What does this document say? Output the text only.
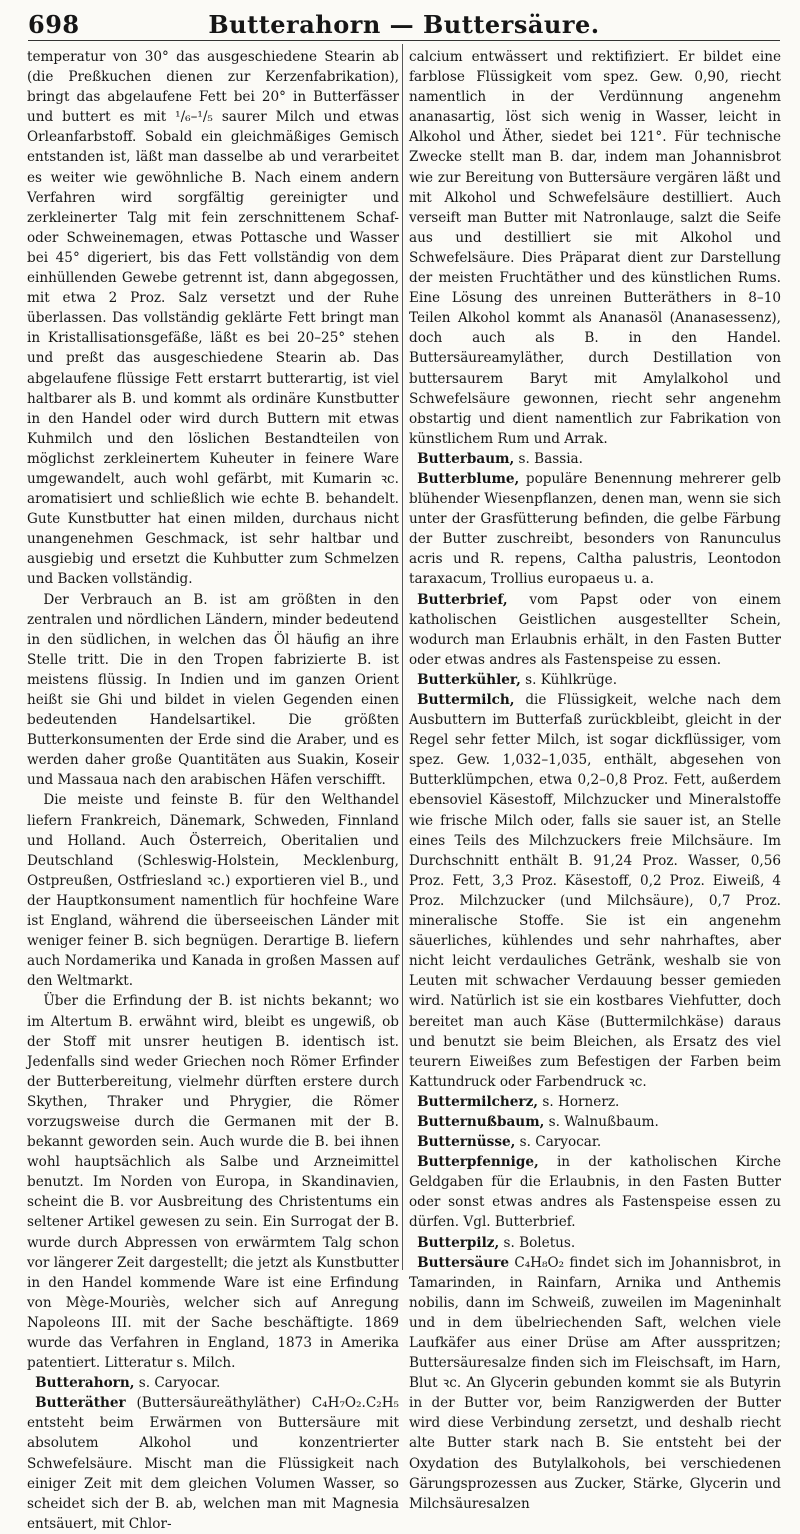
698	Butterahorn — Buttersäure.

temperatur von 30° das ausgeschiedene Stearin ab (die Preßkuchen dienen zur Kerzenfabrikation), bringt das abgelaufene Fett bei 20° in Butterfässer und buttert es mit ¹/₆–¹/₅ saurer Milch und etwas Orleanfarbstoff. Sobald ein gleichmäßiges Gemisch entstanden ist, läßt man dasselbe ab und verarbeitet es weiter wie gewöhnliche B. Nach einem andern Verfahren wird sorgfältig gereinigter und zerkleinerter Talg mit fein zerschnittenem Schaf- oder Schweinemagen, etwas Pottasche und Wasser bei 45° digeriert, bis das Fett vollständig von dem einhüllenden Gewebe getrennt ist, dann abgegossen, mit etwa 2 Proz. Salz versetzt und der Ruhe überlassen. Das vollständig geklärte Fett bringt man in Kristallisationsgefäße, läßt es bei 20–25° stehen und preßt das ausgeschiedene Stearin ab. Das abgelaufene flüssige Fett erstarrt butterartig, ist viel haltbarer als B. und kommt als ordinäre Kunstbutter in den Handel oder wird durch Buttern mit etwas Kuhmilch und den löslichen Bestandteilen von möglichst zerkleinertem Kuheuter in feinere Ware umgewandelt, auch wohl gefärbt, mit Kumarin ꝛc. aromatisiert und schließlich wie echte B. behandelt. Gute Kunstbutter hat einen milden, durchaus nicht unangenehmen Geschmack, ist sehr haltbar und ausgiebig und ersetzt die Kuhbutter zum Schmelzen und Backen vollständig.

Der Verbrauch an B. ist am größten in den zentralen und nördlichen Ländern, minder bedeutend in den südlichen, in welchen das Öl häufig an ihre Stelle tritt. Die in den Tropen fabrizierte B. ist meistens flüssig. In Indien und im ganzen Orient heißt sie Ghi und bildet in vielen Gegenden einen bedeutenden Handelsartikel. Die größten Butterkonsumenten der Erde sind die Araber, und es werden daher große Quantitäten aus Suakin, Koseir und Massaua nach den arabischen Häfen verschifft.

Die meiste und feinste B. für den Welthandel liefern Frankreich, Dänemark, Schweden, Finnland und Holland. Auch Österreich, Oberitalien und Deutschland (Schleswig-Holstein, Mecklenburg, Ostpreußen, Ostfriesland ꝛc.) exportieren viel B., und der Hauptkonsument namentlich für hochfeine Ware ist England, während die überseeischen Länder mit weniger feiner B. sich begnügen. Derartige B. liefern auch Nordamerika und Kanada in großen Massen auf den Weltmarkt.

Über die Erfindung der B. ist nichts bekannt; wo im Altertum B. erwähnt wird, bleibt es ungewiß, ob der Stoff mit unsrer heutigen B. identisch ist. Jedenfalls sind weder Griechen noch Römer Erfinder der Butterbereitung, vielmehr dürften erstere durch Skythen, Thraker und Phrygier, die Römer vorzugsweise durch die Germanen mit der B. bekannt geworden sein. Auch wurde die B. bei ihnen wohl hauptsächlich als Salbe und Arzneimittel benutzt. Im Norden von Europa, in Skandinavien, scheint die B. vor Ausbreitung des Christentums ein seltener Artikel gewesen zu sein. Ein Surrogat der B. wurde durch Abpressen von erwärmtem Talg schon vor längerer Zeit dargestellt; die jetzt als Kunstbutter in den Handel kommende Ware ist eine Erfindung von Mège-Mouriès, welcher sich auf Anregung Napoleons III. mit der Sache beschäftigte. 1869 wurde das Verfahren in England, 1873 in Amerika patentiert. Litteratur s. Milch.

Butterahorn, s. Caryocar.

Butteräther (Buttersäureäthyläther) C₄H₇O₂.C₂H₅ entsteht beim Erwärmen von Buttersäure mit absolutem Alkohol und konzentrierter Schwefelsäure. Mischt man die Flüssigkeit nach einiger Zeit mit dem gleichen Volumen Wasser, so scheidet sich der B. ab, welchen man mit Magnesia entsäuert, mit Chlor-

calcium entwässert und rektifiziert. Er bildet eine farblose Flüssigkeit vom spez. Gew. 0,90, riecht namentlich in der Verdünnung angenehm ananasartig, löst sich wenig in Wasser, leicht in Alkohol und Äther, siedet bei 121°. Für technische Zwecke stellt man B. dar, indem man Johannisbrot wie zur Bereitung von Buttersäure vergären läßt und mit Alkohol und Schwefelsäure destilliert. Auch verseift man Butter mit Natronlauge, salzt die Seife aus und destilliert sie mit Alkohol und Schwefelsäure. Dies Präparat dient zur Darstellung der meisten Fruchtäther und des künstlichen Rums. Eine Lösung des unreinen Butteräthers in 8–10 Teilen Alkohol kommt als Ananasöl (Ananasessenz), doch auch als B. in den Handel. Buttersäureamyläther, durch Destillation von buttersaurem Baryt mit Amylalkohol und Schwefelsäure gewonnen, riecht sehr angenehm obstartig und dient namentlich zur Fabrikation von künstlichem Rum und Arrak.

Butterbaum, s. Bassia.

Butterblume, populäre Benennung mehrerer gelb blühender Wiesenpflanzen, denen man, wenn sie sich unter der Grasfütterung befinden, die gelbe Färbung der Butter zuschreibt, besonders von Ranunculus acris und R. repens, Caltha palustris, Leontodon taraxacum, Trollius europaeus u. a.

Butterbrief, vom Papst oder von einem katholischen Geistlichen ausgestellter Schein, wodurch man Erlaubnis erhält, in den Fasten Butter oder etwas andres als Fastenspeise zu essen.

Butterkühler, s. Kühlkrüge.

Buttermilch, die Flüssigkeit, welche nach dem Ausbuttern im Butterfaß zurückbleibt, gleicht in der Regel sehr fetter Milch, ist sogar dickflüssiger, vom spez. Gew. 1,032–1,035, enthält, abgesehen von Butterklümpchen, etwa 0,2–0,8 Proz. Fett, außerdem ebensoviel Käsestoff, Milchzucker und Mineralstoffe wie frische Milch oder, falls sie sauer ist, an Stelle eines Teils des Milchzuckers freie Milchsäure. Im Durchschnitt enthält B. 91,24 Proz. Wasser, 0,56 Proz. Fett, 3,3 Proz. Käsestoff, 0,2 Proz. Eiweiß, 4 Proz. Milchzucker (und Milchsäure), 0,7 Proz. mineralische Stoffe. Sie ist ein angenehm säuerliches, kühlendes und sehr nahrhaftes, aber nicht leicht verdauliches Getränk, weshalb sie von Leuten mit schwacher Verdauung besser gemieden wird. Natürlich ist sie ein kostbares Viehfutter, doch bereitet man auch Käse (Buttermilchkäse) daraus und benutzt sie beim Bleichen, als Ersatz des viel teurern Eiweißes zum Befestigen der Farben beim Kattundruck oder Farbendruck ꝛc.

Buttermilcherz, s. Hornerz.

Butternußbaum, s. Walnußbaum.

Butternüsse, s. Caryocar.

Butterpfennige, in der katholischen Kirche Geldgaben für die Erlaubnis, in den Fasten Butter oder sonst etwas andres als Fastenspeise essen zu dürfen. Vgl. Butterbrief.

Butterpilz, s. Boletus.

Buttersäure C₄H₈O₂ findet sich im Johannisbrot, in Tamarinden, in Rainfarn, Arnika und Anthemis nobilis, dann im Schweiß, zuweilen im Mageninhalt und in dem übelriechenden Saft, welchen viele Laufkäfer aus einer Drüse am After ausspritzen; Buttersäuresalze finden sich im Fleischsaft, im Harn, Blut ꝛc. An Glycerin gebunden kommt sie als Butyrin in der Butter vor, beim Ranzigwerden der Butter wird diese Verbindung zersetzt, und deshalb riecht alte Butter stark nach B. Sie entsteht bei der Oxydation des Butylalkohols, bei verschiedenen Gärungsprozessen aus Zucker, Stärke, Glycerin und Milchsäuresalzen
